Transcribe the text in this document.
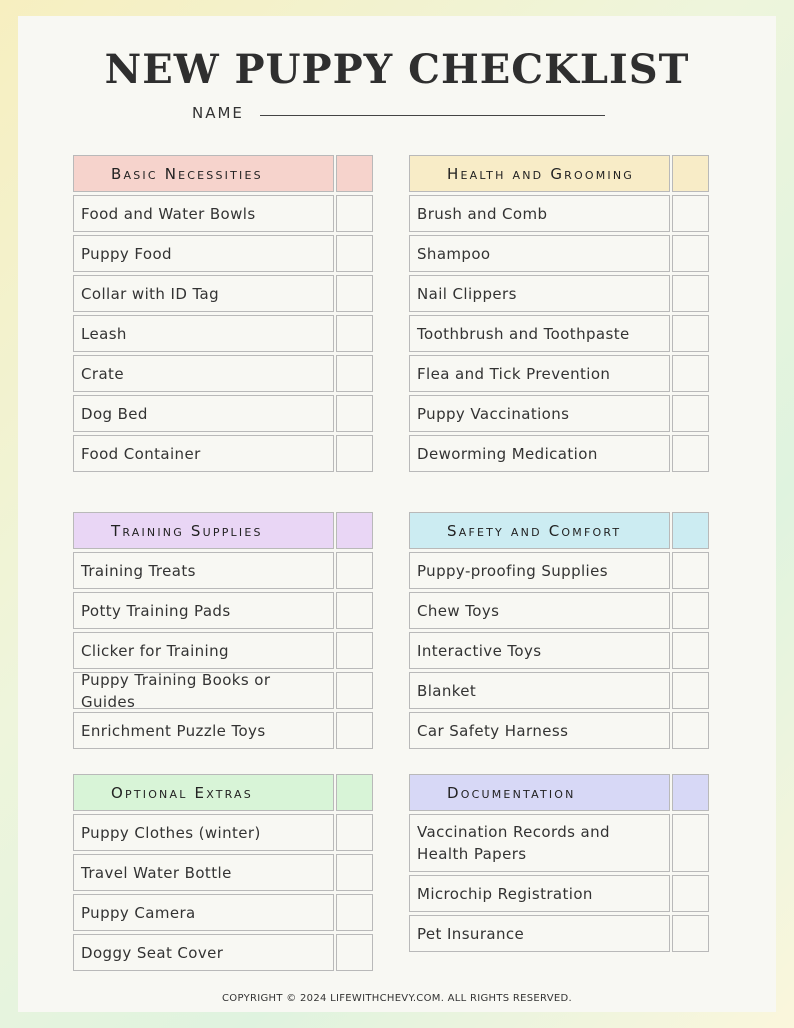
NEW PUPPY CHECKLIST
NAME
Basic Necessities
Food and Water Bowls
Puppy Food
Collar with ID Tag
Leash
Crate
Dog Bed
Food Container
Health and Grooming
Brush and Comb
Shampoo
Nail Clippers
Toothbrush and Toothpaste
Flea and Tick Prevention
Puppy Vaccinations
Deworming Medication
Training Supplies
Training Treats
Potty Training Pads
Clicker for Training
Puppy Training Books or Guides
Enrichment Puzzle Toys
Safety and Comfort
Puppy-proofing Supplies
Chew Toys
Interactive Toys
Blanket
Car Safety Harness
Optional Extras
Puppy Clothes (winter)
Travel Water Bottle
Puppy Camera
Doggy Seat Cover
Documentation
Vaccination Records and Health Papers
Microchip Registration
Pet Insurance
COPYRIGHT © 2024 LIFEWITHCHEVY.COM. ALL RIGHTS RESERVED.
